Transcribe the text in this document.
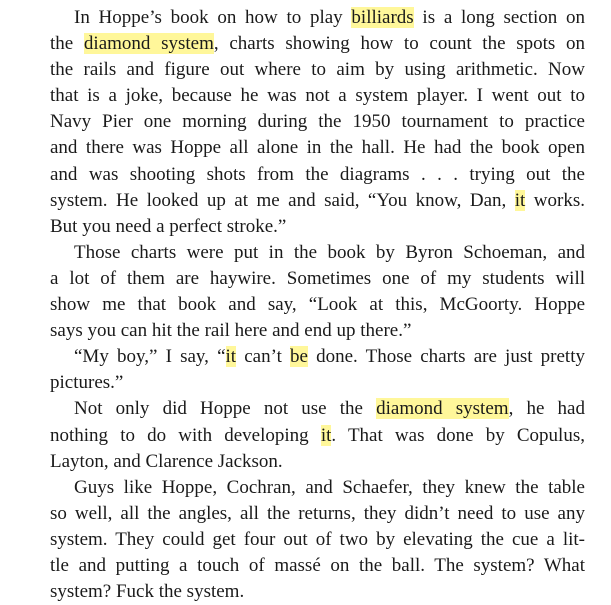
In Hoppe’s book on how to play billiards is a long section on
the diamond system, charts showing how to count the spots on
the rails and figure out where to aim by using arithmetic. Now
that is a joke, because he was not a system player. I went out to
Navy Pier one morning during the 1950 tournament to practice
and there was Hoppe all alone in the hall. He had the book open
and was shooting shots from the diagrams . . . trying out the
system. He looked up at me and said, “You know, Dan, it works.
But you need a perfect stroke.”
Those charts were put in the book by Byron Schoeman, and
a lot of them are haywire. Sometimes one of my students will
show me that book and say, “Look at this, McGoorty. Hoppe
says you can hit the rail here and end up there.”
“My boy,” I say, “it can’t be done. Those charts are just pretty
pictures.”
Not only did Hoppe not use the diamond system, he had
nothing to do with developing it. That was done by Copulus,
Layton, and Clarence Jackson.
Guys like Hoppe, Cochran, and Schaefer, they knew the table
so well, all the angles, all the returns, they didn’t need to use any
system. They could get four out of two by elevating the cue a lit-
tle and putting a touch of massé on the ball. The system? What
system? Fuck the system.
